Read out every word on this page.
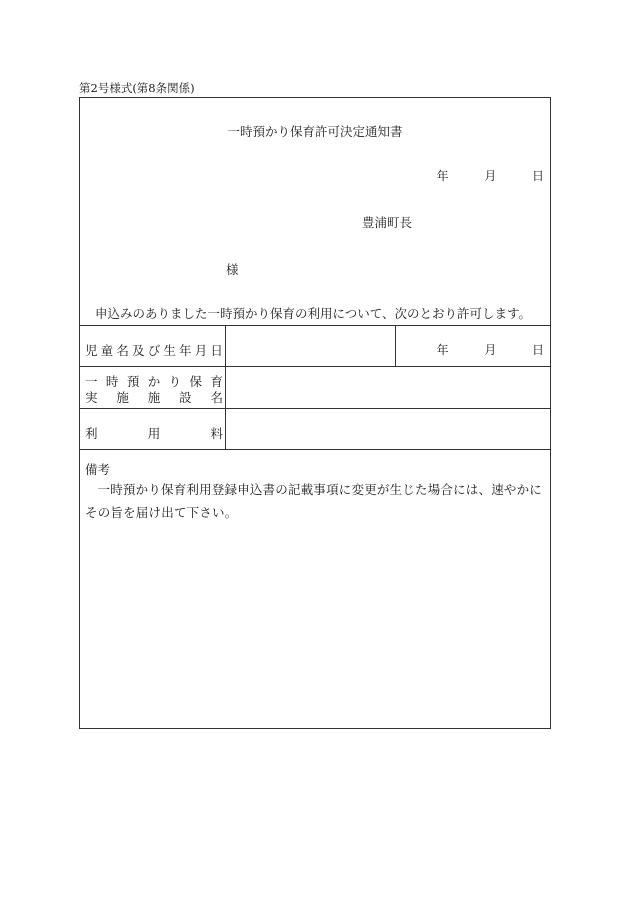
第2号様式(第8条関係)
一時預かり保育許可決定通知書
年	月	日
豊浦町長
様
申込みのありました一時預かり保育の利用について、次のとおり許可します。
児 童 名 及 び 生 年 月 日	年	月	日
一 時 預 か り 保 育
実 施 施 設 名
利	用	料
備考
一時預かり保育利用登録申込書の記載事項に変更が生じた場合には、速やかにその旨を届け出て下さい。
